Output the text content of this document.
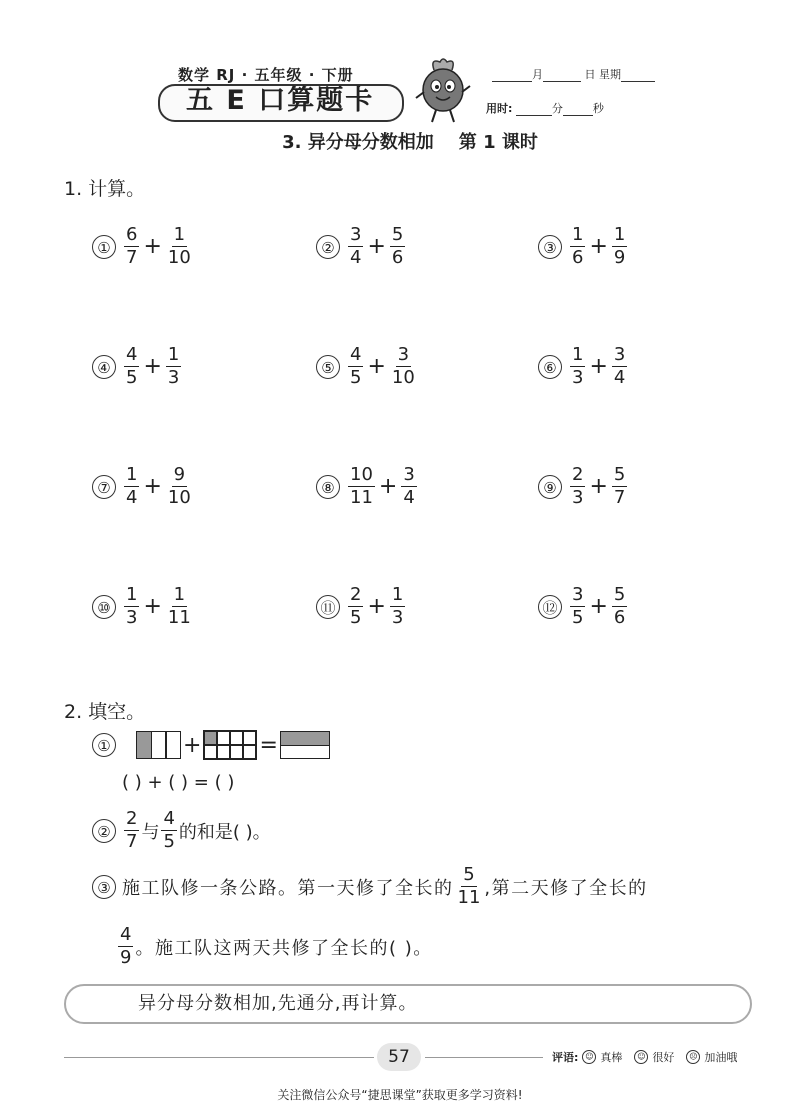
数学 RJ · 五年级 · 下册
五 E 口算题卡
月	日 星期
用时:	分	秒
3. 异分母分数相加    第 1 课时
1. 计算。
① $\frac{6}{7} + \frac{1}{10}$	② $\frac{3}{4} + \frac{5}{6}$	③ $\frac{1}{6} + \frac{1}{9}$
④ $\frac{4}{5} + \frac{1}{3}$	⑤ $\frac{4}{5} + \frac{3}{10}$	⑥ $\frac{1}{3} + \frac{3}{4}$
⑦ $\frac{1}{4} + \frac{9}{10}$	⑧ $\frac{10}{11} + \frac{3}{4}$	⑨ $\frac{2}{3} + \frac{5}{7}$
⑩ $\frac{1}{3} + \frac{1}{11}$	⑪ $\frac{2}{5} + \frac{1}{3}$	⑫ $\frac{3}{5} + \frac{5}{6}$
2. 填空。
①	+	=
( ) + ( ) = ( )
② $\frac{2}{7}$ 与 $\frac{4}{5}$ 的和是( )。
③ 施工队修一条公路。第一天修了全长的 $\frac{5}{11}$ ,第二天修了全长的
$\frac{4}{9}$ 。施工队这两天共修了全长的( )。
异分母分数相加,先通分,再计算。
57	评语: ☺ 真棒	☺ 很好	☹ 加油哦
关注微信公众号“捷思课堂”获取更多学习资料!
